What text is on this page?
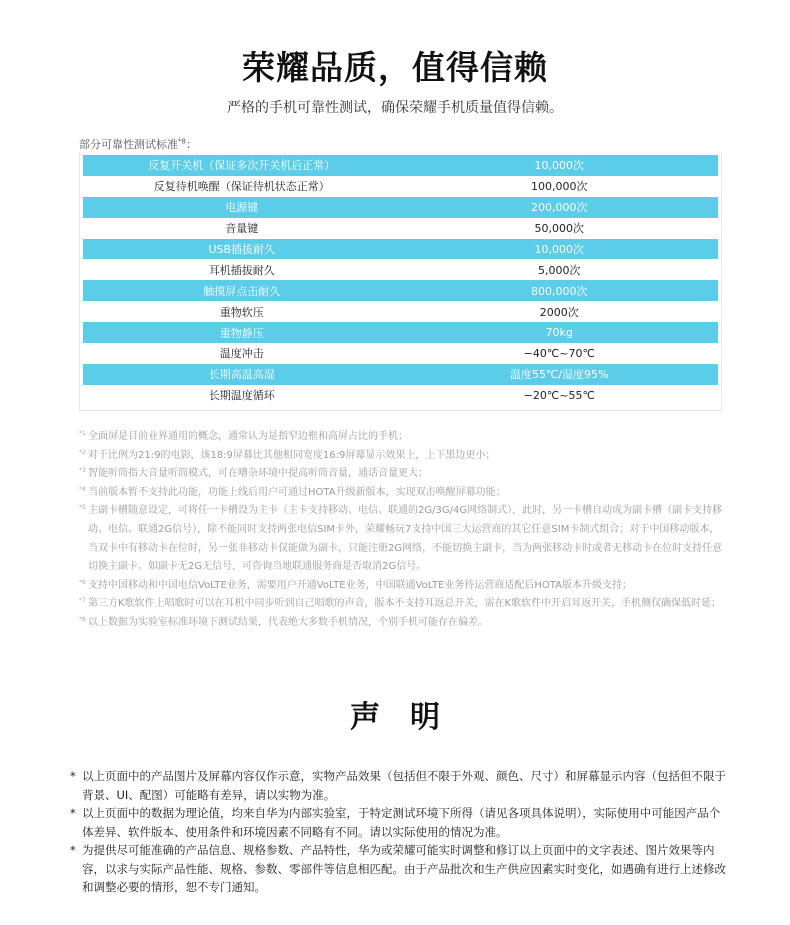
荣耀品质，值得信赖
严格的手机可靠性测试，确保荣耀手机质量值得信赖。
部分可靠性测试标准$^{*8}$：
反复开关机（保证多次开关机后正常）	10,000次
反复待机唤醒（保证待机状态正常）	100,000次
电源键	200,000次
音量键	50,000次
USB插拔耐久	10,000次
耳机插拔耐久	5,000次
触摸屏点击耐久	800,000次
重物软压	2000次
重物静压	70kg
温度冲击	−40℃~70℃
长期高温高湿	温度55℃/湿度95%
长期温度循环	−20℃~55℃
*1 全面屏是目前业界通用的概念，通常认为是指窄边框和高屏占比的手机；
*2 对于比例为21:9的电影，该18:9屏幕比其他相同宽度16:9屏幕显示效果上，上下黑边更小；
*3 智能听筒指大音量听筒模式，可在嘈杂环境中提高听筒音量，通话音量更大；
*4 当前版本暂不支持此功能，功能上线后用户可通过HOTA升级新版本，实现双击唤醒屏幕功能；
*5 主副卡槽随意设定，可将任一卡槽设为主卡（主卡支持移动、电信、联通的2G/3G/4G网络制式），此时，另一卡槽自动成为副卡槽（副卡支持移动、电信、联通2G信号），除不能同时支持两张电信SIM卡外，荣耀畅玩7支持中国三大运营商的其它任意SIM卡制式组合；对于中国移动版本，当双卡中有移动卡在位时，另一张非移动卡仅能做为副卡，只能注册2G网络，不能切换主副卡，当为两张移动卡时或者无移动卡在位时支持任意切换主副卡。如副卡无2G无信号，可咨询当地联通服务商是否取消2G信号。
*6 支持中国移动和中国电信VoLTE业务，需要用户开通VoLTE业务，中国联通VoLTE业务待运营商适配后HOTA版本升级支持；
*7 第三方K歌软件上唱歌时可以在耳机中同步听到自己唱歌的声音，版本不支持耳返总开关，需在K歌软件中开启耳返开关，手机侧仅确保低时延；
*8 以上数据为实验室标准环境下测试结果，代表绝大多数手机情况，个别手机可能存在偏差。
声明
* 以上页面中的产品图片及屏幕内容仅作示意，实物产品效果（包括但不限于外观、颜色、尺寸）和屏幕显示内容（包括但不限于背景、UI、配图）可能略有差异，请以实物为准。
* 以上页面中的数据为理论值，均来自华为内部实验室，于特定测试环境下所得（请见各项具体说明），实际使用中可能因产品个体差异、软件版本、使用条件和环境因素不同略有不同。请以实际使用的情况为准。
* 为提供尽可能准确的产品信息、规格参数、产品特性，华为或荣耀可能实时调整和修订以上页面中的文字表述、图片效果等内容，以求与实际产品性能、规格、参数、零部件等信息相匹配。由于产品批次和生产供应因素实时变化，如遇确有进行上述修改和调整必要的情形，恕不专门通知。
